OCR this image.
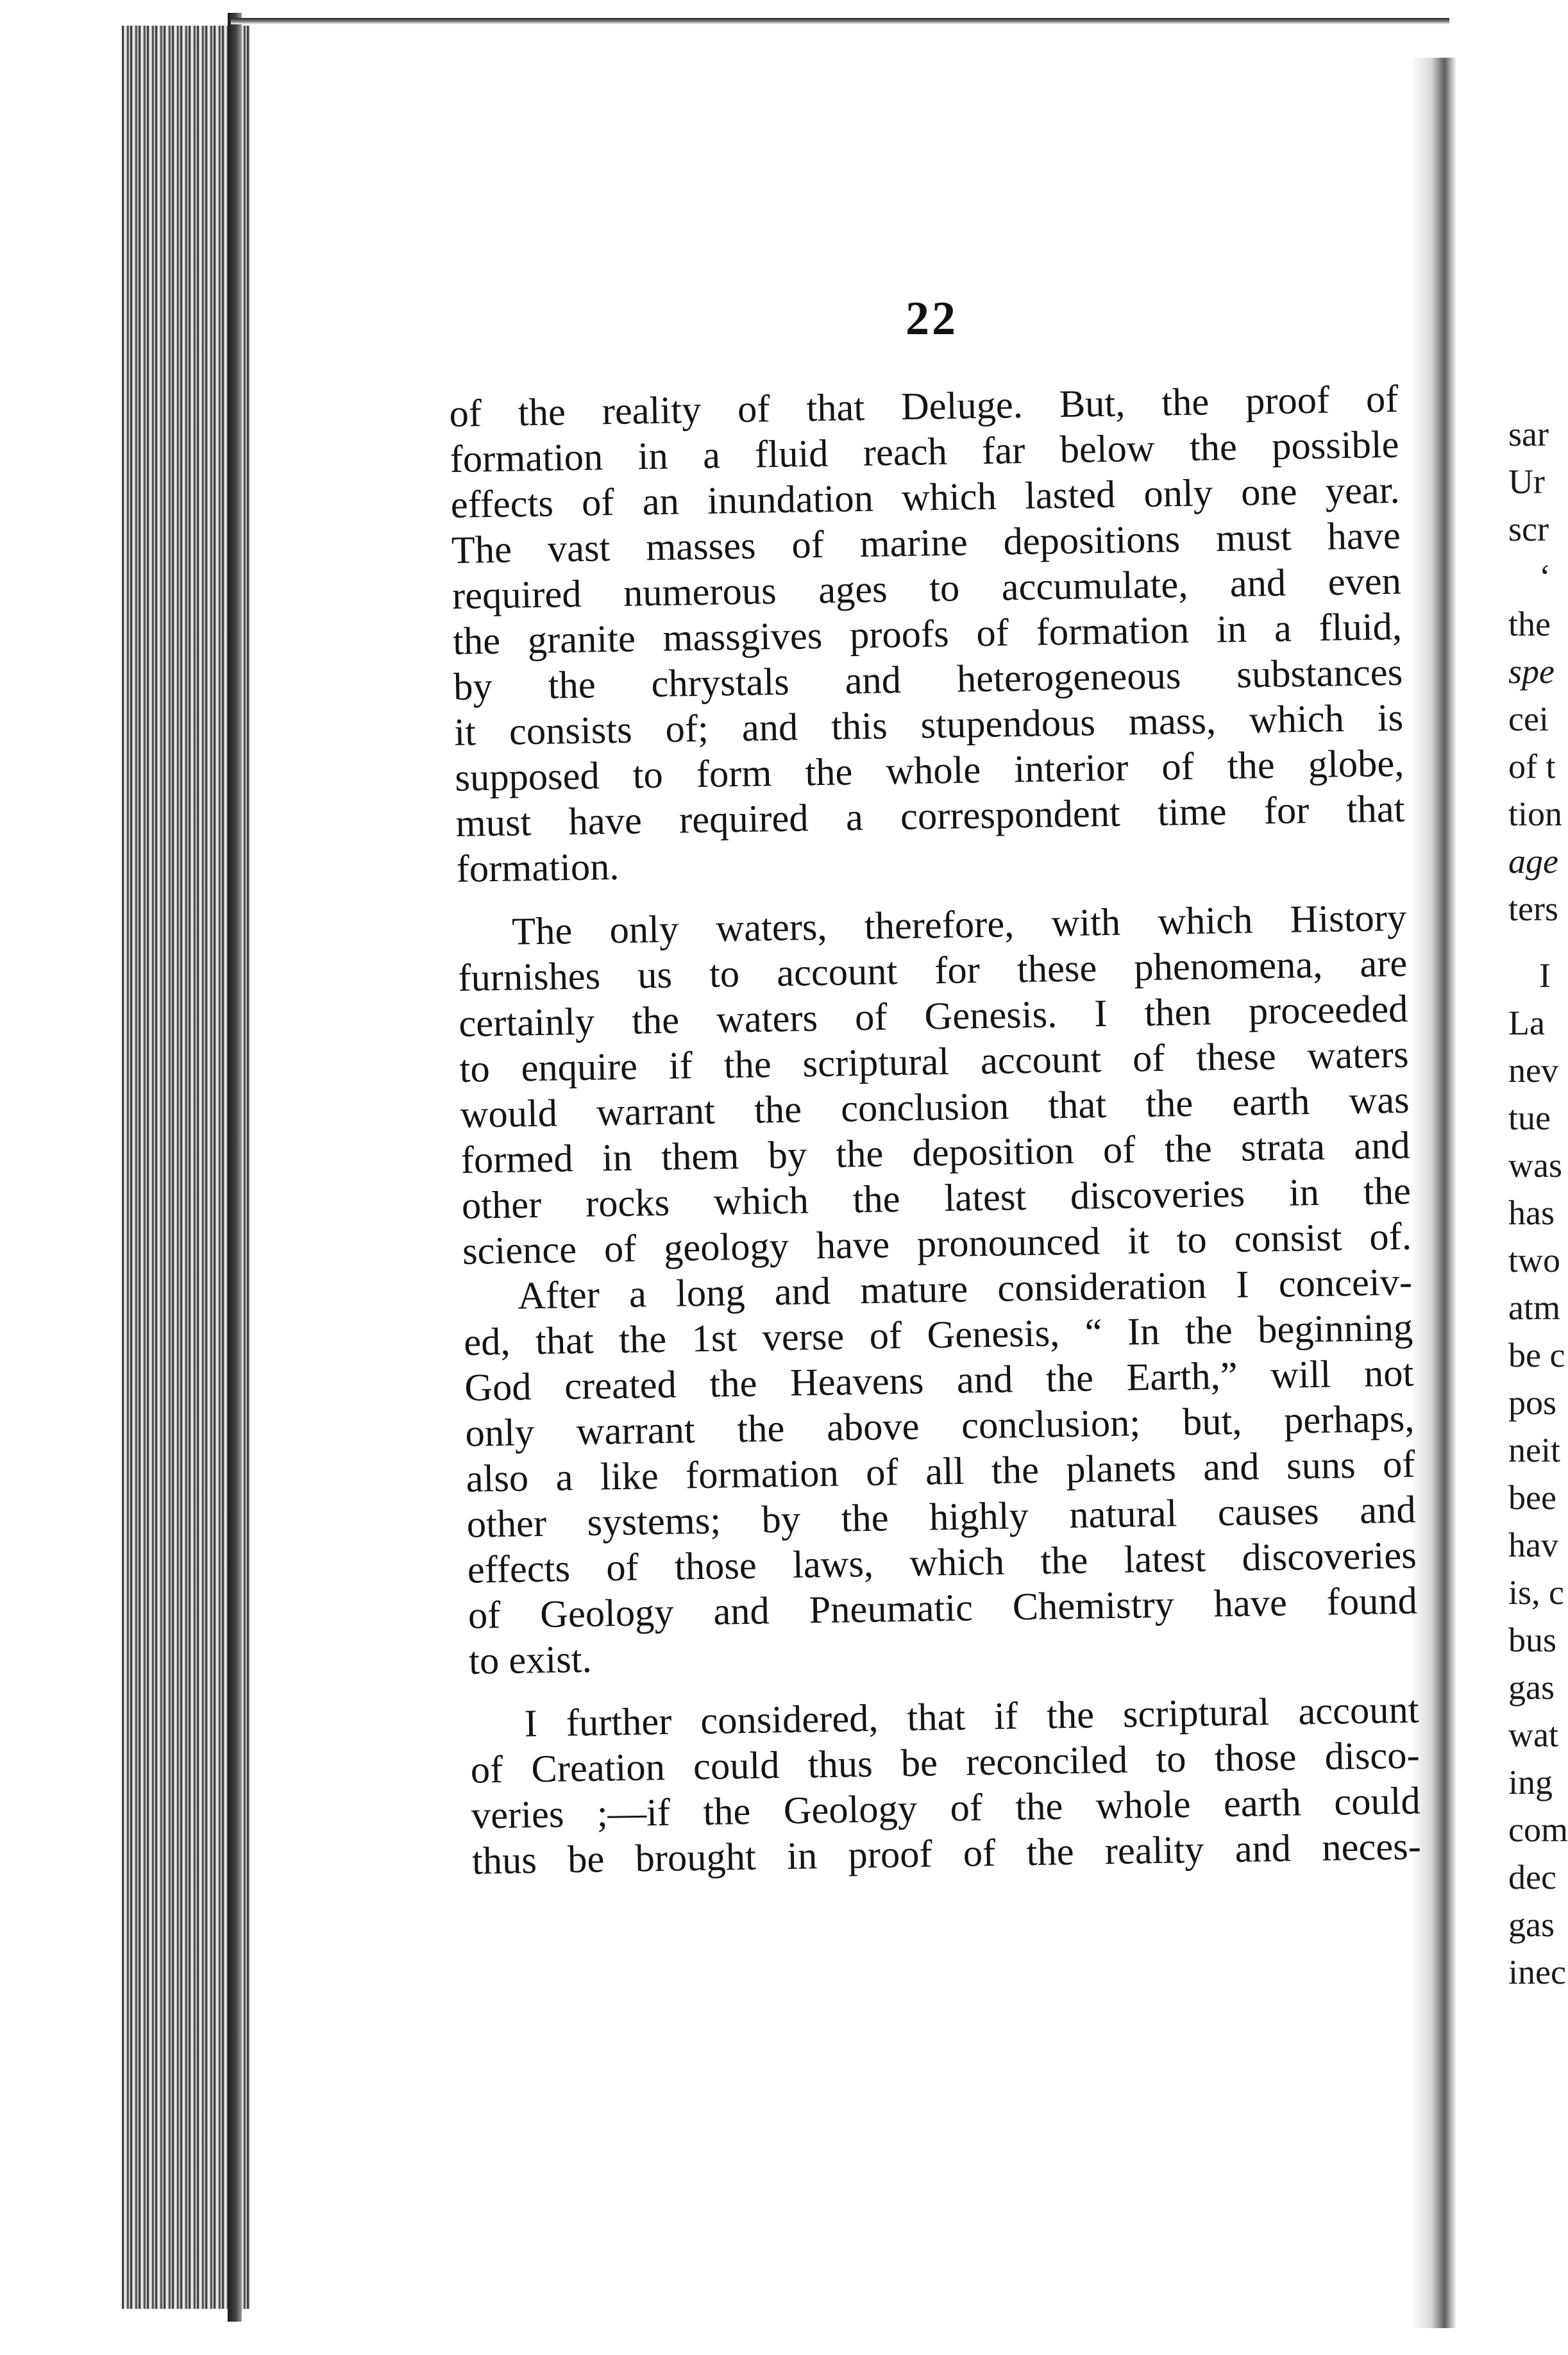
sar
Ur
scr
‘
the
spe
cei
of t
tion
age
ters
I
La
nev
tue
was
has
two
atm
be c
pos
neit
bee
hav
is, c
bus
gas
wat
ing
com
dec
gas
inec
22
of the reality of that Deluge. But, the proof of
formation in a fluid reach far below the possible
effects of an inundation which lasted only one year.
The vast masses of marine depositions must have
required numerous ages to accumulate, and even
the granite massgives proofs of formation in a fluid,
by the chrystals and heterogeneous substances
it consists of; and this stupendous mass, which is
supposed to form the whole interior of the globe,
must have required a correspondent time for that
formation.
The only waters, therefore, with which History
furnishes us to account for these phenomena, are
certainly the waters of Genesis. I then proceeded
to enquire if the scriptural account of these waters
would warrant the conclusion that the earth was
formed in them by the deposition of the strata and
other rocks which the latest discoveries in the
science of geology have pronounced it to consist of.
After a long and mature consideration I conceiv-
ed, that the 1st verse of Genesis, “ In the beginning
God created the Heavens and the Earth,” will not
only warrant the above conclusion; but, perhaps,
also a like formation of all the planets and suns of
other systems; by the highly natural causes and
effects of those laws, which the latest discoveries
of Geology and Pneumatic Chemistry have found
to exist.
I further considered, that if the scriptural account
of Creation could thus be reconciled to those disco-
veries ;—if the Geology of the whole earth could
thus be brought in proof of the reality and neces-
